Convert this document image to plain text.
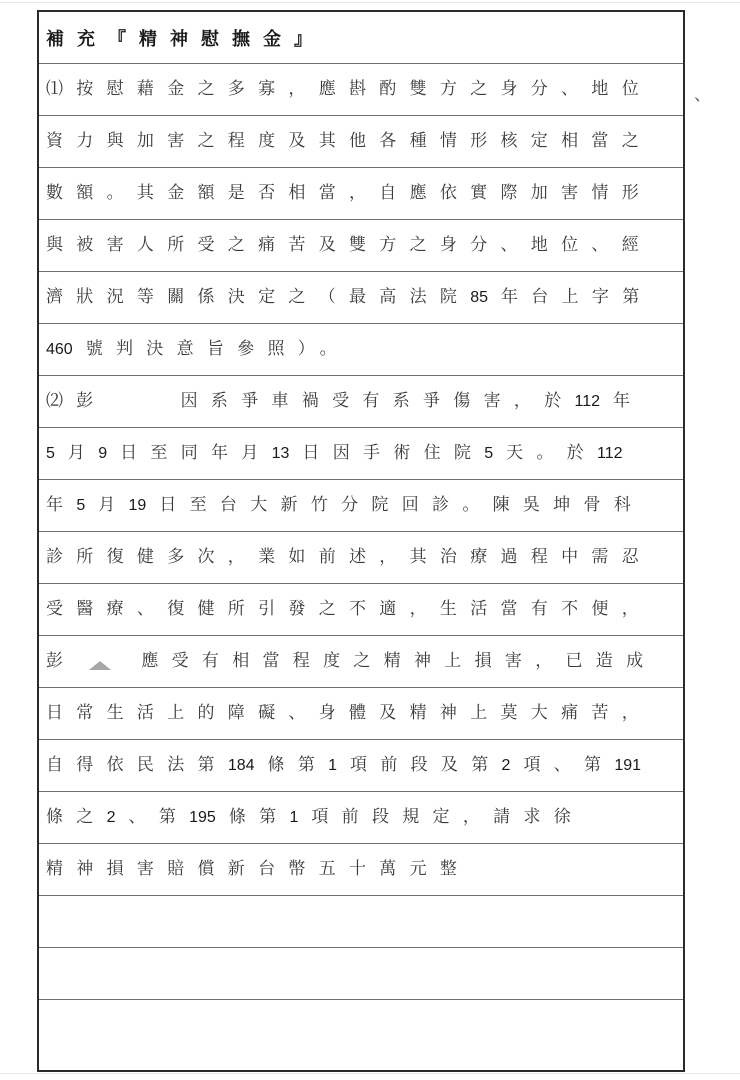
補充『精神慰撫金』
⑴按慰藉金之多寡，應斟酌雙方之身分、地位
資力與加害之程度及其他各種情形核定相當之
數額。其金額是否相當，自應依實際加害情形
與被害人所受之痛苦及雙方之身分、地位、經
濟狀況等關係決定之（最高法院85 年台上字第
460 號判決意旨參照）。
⑵彭	因系爭車禍受有系爭傷害，於112 年
5 月9 日至同年月13 日因手術住院5 天。於112
年5 月19 日至台大新竹分院回診。陳吳坤骨科
診所復健多次，業如前述，其治療過程中需忍
受醫療、復健所引發之不適，生活當有不便，
彭	應受有相當程度之精神上損害，已造成
日常生活上的障礙、身體及精神上莫大痛苦，
自得依民法第184 條第1 項前段及第2 項、第191
條之2 、第195 條第1 項前段規定，請求徐
精神損害賠償新台幣五十萬元整
、
